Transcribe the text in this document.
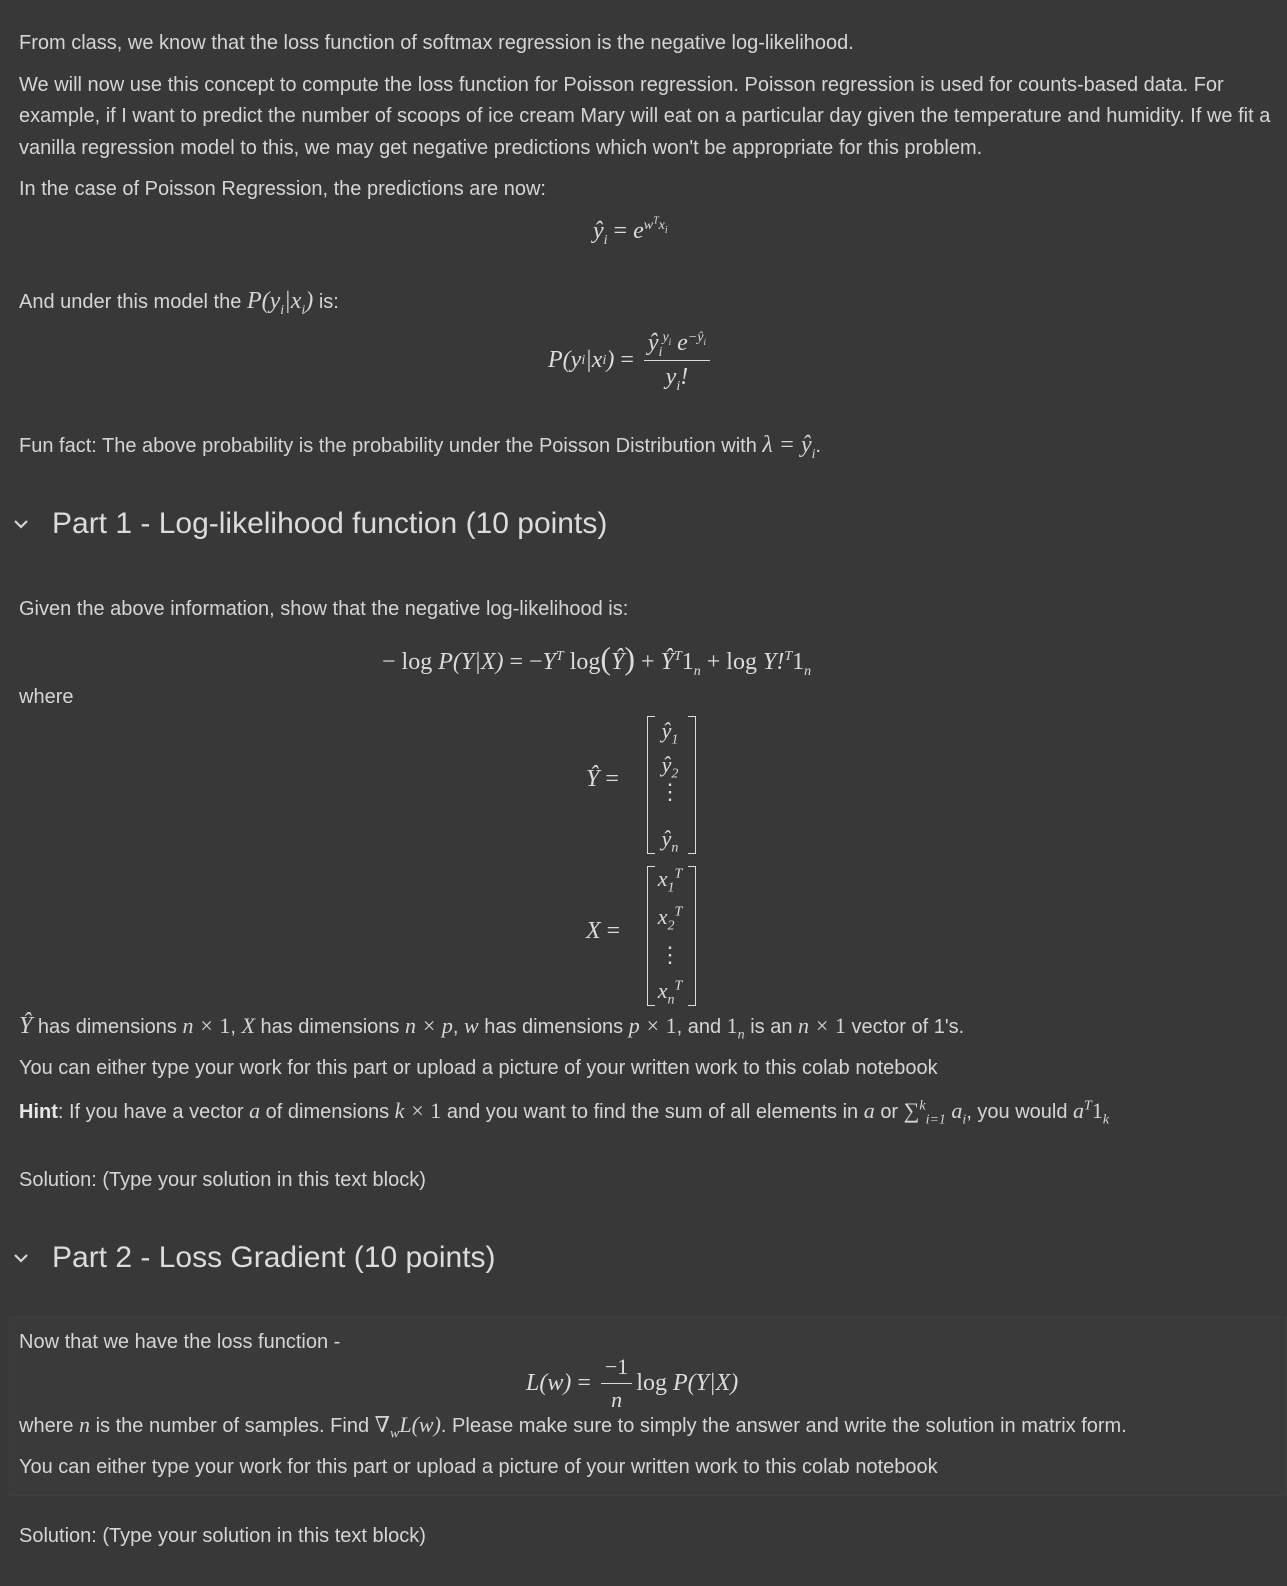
From class, we know that the loss function of softmax regression is the negative log-likelihood.
We will now use this concept to compute the loss function for Poisson regression. Poisson regression is used for counts-based data. For
example, if I want to predict the number of scoops of ice cream Mary will eat on a particular day given the temperature and humidity. If we fit a
vanilla regression model to this, we may get negative predictions which won't be appropriate for this problem.
In the case of Poisson Regression, the predictions are now:
$ŷ_i = e^{w^Tx_i}$
And under this model the $P(y_i|x_i)$ is:
P(y i |x i ) = $\frac{ŷ_i^{y_i} e^{-ŷ_i}}{y_i!}$
Fun fact: The above probability is the probability under the Poisson Distribution with $\lambda = ŷ_i$.
Part 1 - Log-likelihood function (10 points)
Given the above information, show that the negative log-likelihood is:
− $\log P(Y|X) = -Y^T$ log(Ŷ) + $Ŷ^T1_n + \log Y!^T1_n$
where
Ŷ =
$ŷ_1$
$ŷ_2$
⋮
$ŷ_n$
X =
$x_1^T$
$x_2^T$
⋮
$x_n^T$
Ŷ has dimensions n × 1, X has dimensions n × p, w has dimensions p × 1, and $1_n$ is an n × 1 vector of 1's.
You can either type your work for this part or upload a picture of your written work to this colab notebook
Hint: If you have a vector a of dimensions k × 1 and you want to find the sum of all elements in a or ∑$^k_{i=1}$ $a_i$, you would $a^T1_k$
Solution: (Type your solution in this text block)
Part 2 - Loss Gradient (10 points)
Now that we have the loss function -
$L(w) = \frac{-1}{n}$ log P(Y|X)
where n is the number of samples. Find $\nabla_wL(w)$. Please make sure to simply the answer and write the solution in matrix form.
You can either type your work for this part or upload a picture of your written work to this colab notebook
Solution: (Type your solution in this text block)
